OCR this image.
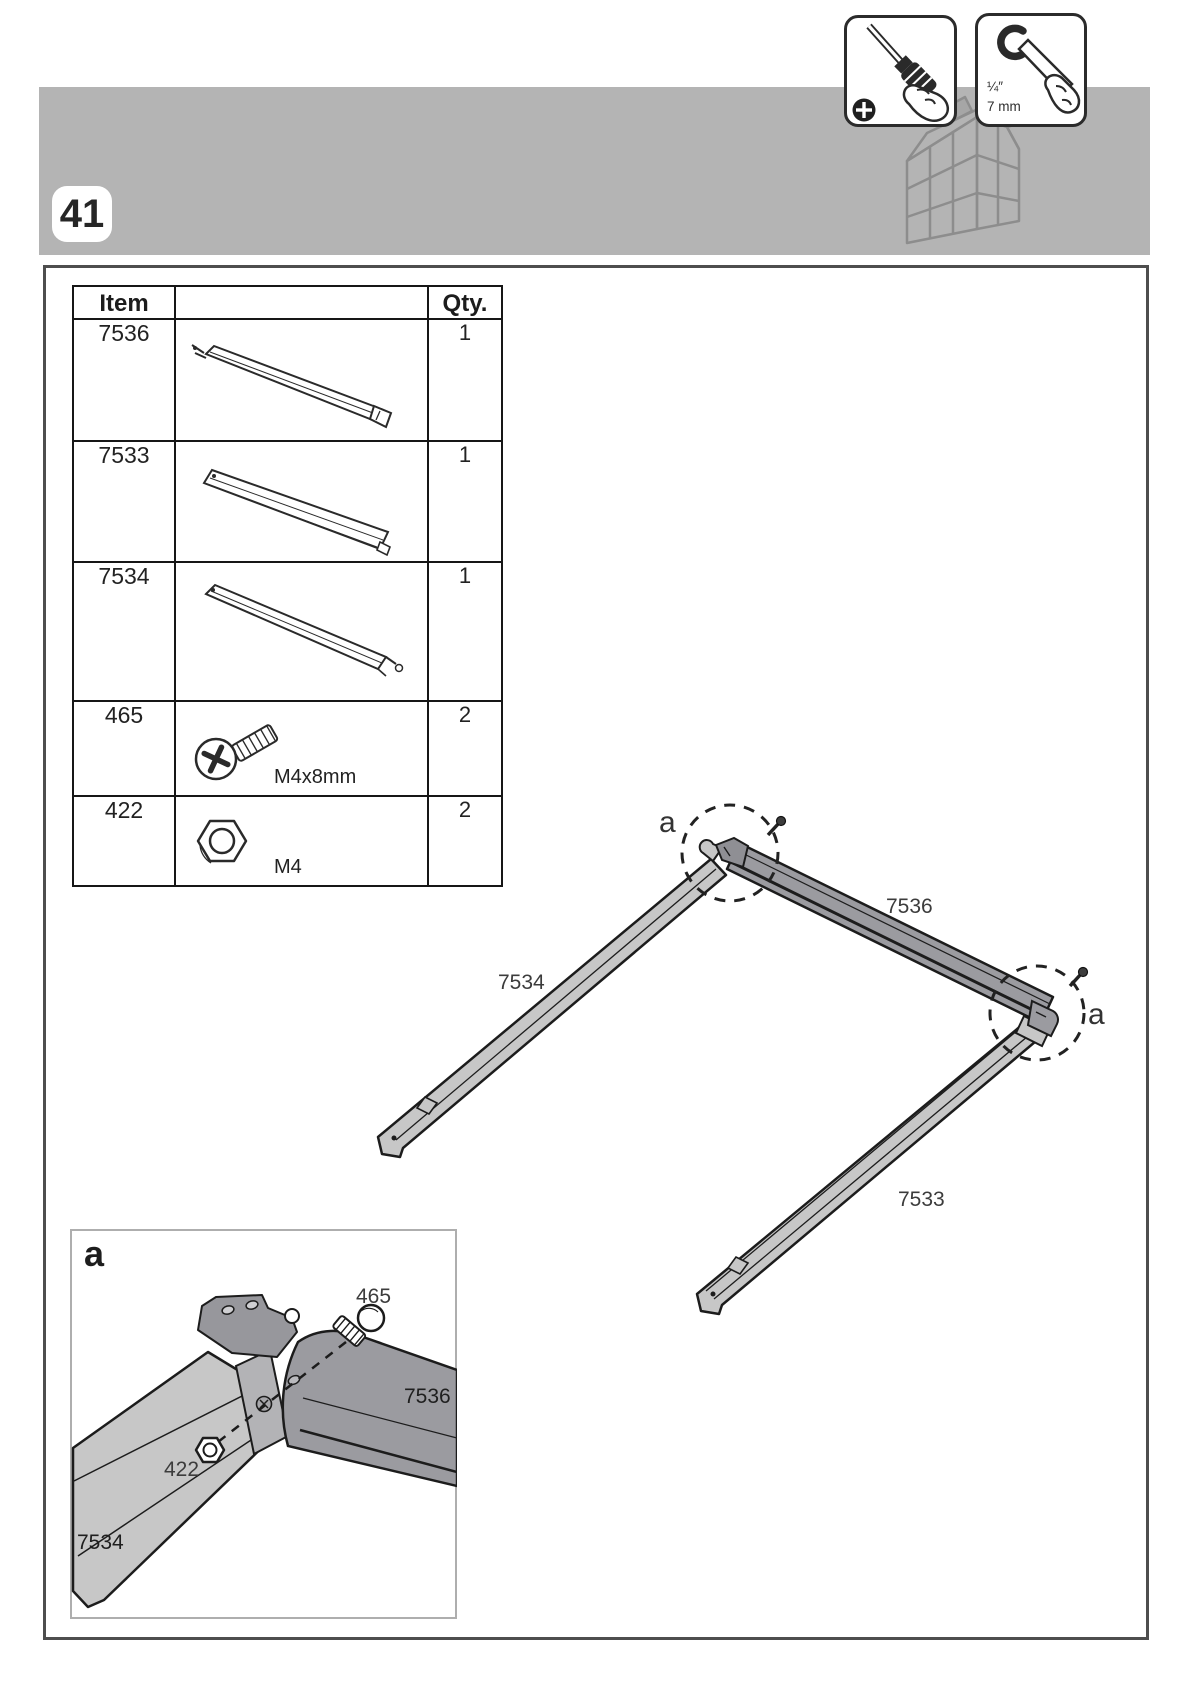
41
Item		Qty.
7536		1
7533		1
7534		1
465	M4x8mm	2
422	M4	2
¼″
7 mm
a
a
7536
7534
7533
a
465
7536
422
7534
